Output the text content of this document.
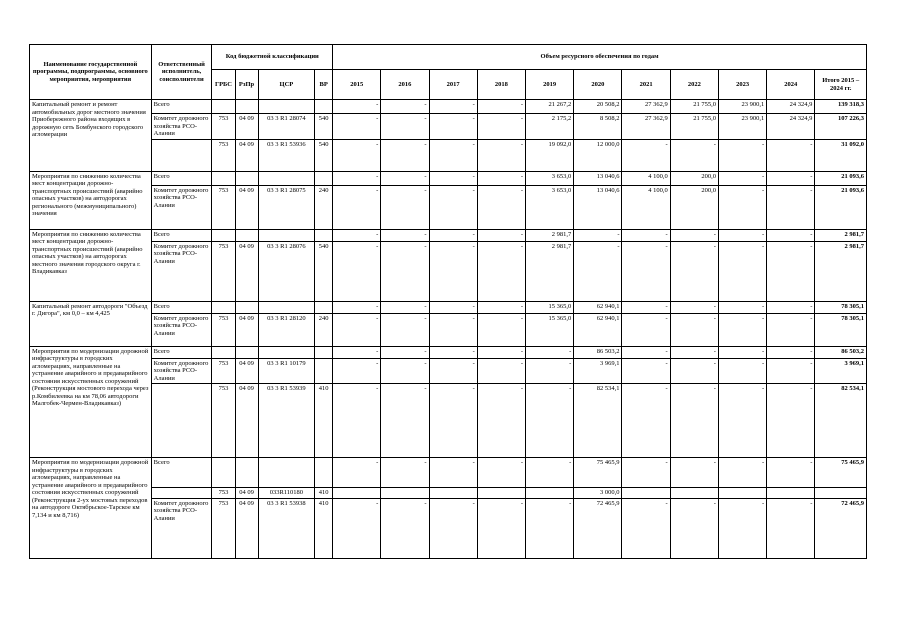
Наименование государственной программы, подпрограммы, основного мероприятия, мероприятия	Ответственный исполнитель, соисполнители	Код бюджетной классификации				Объем ресурсного обеспечения по годам										
		ГРБС	РзПр	ЦСР	ВР	2015	2016	2017	2018	2019	2020	2021	2022	2023	2024	Итого 2015 – 2024 гг.
Капитальный ремонт и ремонт автомобильных дорог местного значения Приобережного района входящих в дорожную сеть Бомбунского городского агломерации	Всего					-	-	-	-	21 267,2	20 508,2	27 362,9	21 755,0	23 900,1	24 324,9	139 318,3
	Комитет дорожного хозяйства РСО-Алании	753	04 09	03 3 R1 28074	540	-	-	-	-	2 175,2	8 508,2	27 362,9	21 755,0	23 900,1	24 324,9	107 226,3
		753	04 09	03 3 R1 53936	540	-	-	-	-	19 092,0	12 000,0	-	-	-	-	31 092,0
Мероприятия по снижению количества мест концентрации дорожно-транспортных происшествий (аварийно опасных участков) на автодорогах регионального (межмуниципального) значения	Всего					-	-	-	-	3 653,0	13 040,6	4 100,0	200,0	-	-	21 093,6
	Комитет дорожного хозяйства РСО-Алании	753	04 09	03 3 R1 28075	240	-	-	-	-	3 653,0	13 040,6	4 100,0	200,0	-	-	21 093,6
Мероприятия по снижению количества мест концентрации дорожно-транспортных происшествий (аварийно опасных участков) на автодорогах местного значения городского округа г. Владикавказ	Всего					-	-	-	-	2 981,7	-	-	-	-	-	2 981,7
	Комитет дорожного хозяйства РСО-Алании	753	04 09	03 3 R1 28076	540	-	-	-	-	2 981,7	-	-	-	-	-	2 981,7
Капитальный ремонт автодороги "Объезд г. Дигора", км 0,0 – км 4,425	Всего					-	-	-	-	15 365,0	62 940,1	-	-	-	-	78 305,1
	Комитет дорожного хозяйства РСО-Алании	753	04 09	03 3 R1 28120	240	-	-	-	-	15 365,0	62 940,1	-	-	-	-	78 305,1
Мероприятия по модернизации дорожной инфраструктуры в городских агломерациях, направленные на устранение аварийного и предаварийного состояния искусственных сооружений (Реконструкция мостового перехода через р.Комбилеевка на км 78,06 автодороги Малгобек-Чермен-Владикавказ)	Всего					-	-	-	-	-	86 503,2	-	-	-	-	86 503,2
	Комитет дорожного хозяйства РСО-Алании	753	04 09	03 3 R1 10179		-	-	-	-	-	3 969,1	-	-	-	-	3 969,1
		753	04 09	03 3 R1 53939	410	-	-	-	-	-	82 534,1	-	-	-	-	82 534,1
Мероприятия по модернизации дорожной инфраструктуры в городских агломерациях, направленные на устранение аварийного и предаварийного состояния искусственных сооружений (Реконструкция 2-ух мостовых переходов на автодороге Октябрьское-Тарское км 7,134 и км 8,716)	Всего					-	-	-	-	-	75 465,9	-	-	-	-	75 465,9
		753	04 09	033R110180	410						3 000,0					
	Комитет дорожного хозяйства РСО-Алании	753	04 09	03 3 R1 53938	410	-	-	-	-	-	72 465,9	-	-	-	-	72 465,9
